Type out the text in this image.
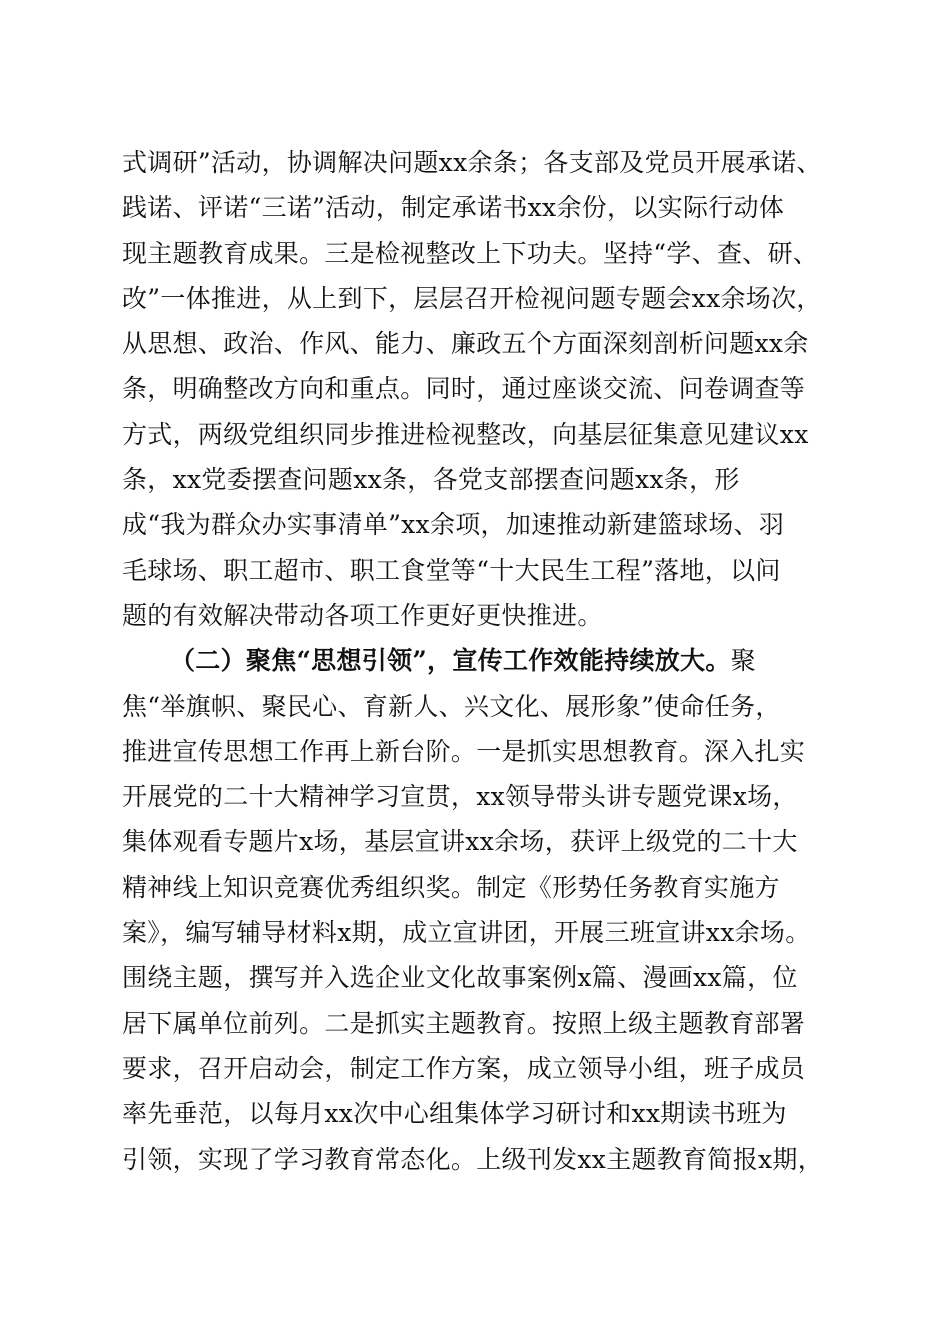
式调研”活动，协调解决问题xx余条；各支部及党员开展承诺、
践诺、评诺“三诺”活动，制定承诺书xx余份，以实际行动体
现主题教育成果。三是检视整改上下功夫。坚持“学、查、研、
改”一体推进，从上到下，层层召开检视问题专题会xx余场次，
从思想、政治、作风、能力、廉政五个方面深刻剖析问题xx余
条，明确整改方向和重点。同时，通过座谈交流、问卷调查等
方式，两级党组织同步推进检视整改，向基层征集意见建议xx
条，xx党委摆查问题xx条，各党支部摆查问题xx条，形
成“我为群众办实事清单”xx余项，加速推动新建篮球场、羽
毛球场、职工超市、职工食堂等“十大民生工程”落地，以问
题的有效解决带动各项工作更好更快推进。
（二）聚焦“思想引领”，宣传工作效能持续放大。聚
焦“举旗帜、聚民心、育新人、兴文化、展形象”使命任务，
推进宣传思想工作再上新台阶。一是抓实思想教育。深入扎实
开展党的二十大精神学习宣贯，xx领导带头讲专题党课x场，
集体观看专题片x场，基层宣讲xx余场，获评上级党的二十大
精神线上知识竞赛优秀组织奖。制定《形势任务教育实施方
案》，编写辅导材料x期，成立宣讲团，开展三班宣讲xx余场。
围绕主题，撰写并入选企业文化故事案例x篇、漫画xx篇，位
居下属单位前列。二是抓实主题教育。按照上级主题教育部署
要求，召开启动会，制定工作方案，成立领导小组，班子成员
率先垂范，以每月xx次中心组集体学习研讨和xx期读书班为
引领，实现了学习教育常态化。上级刊发xx主题教育简报x期，
